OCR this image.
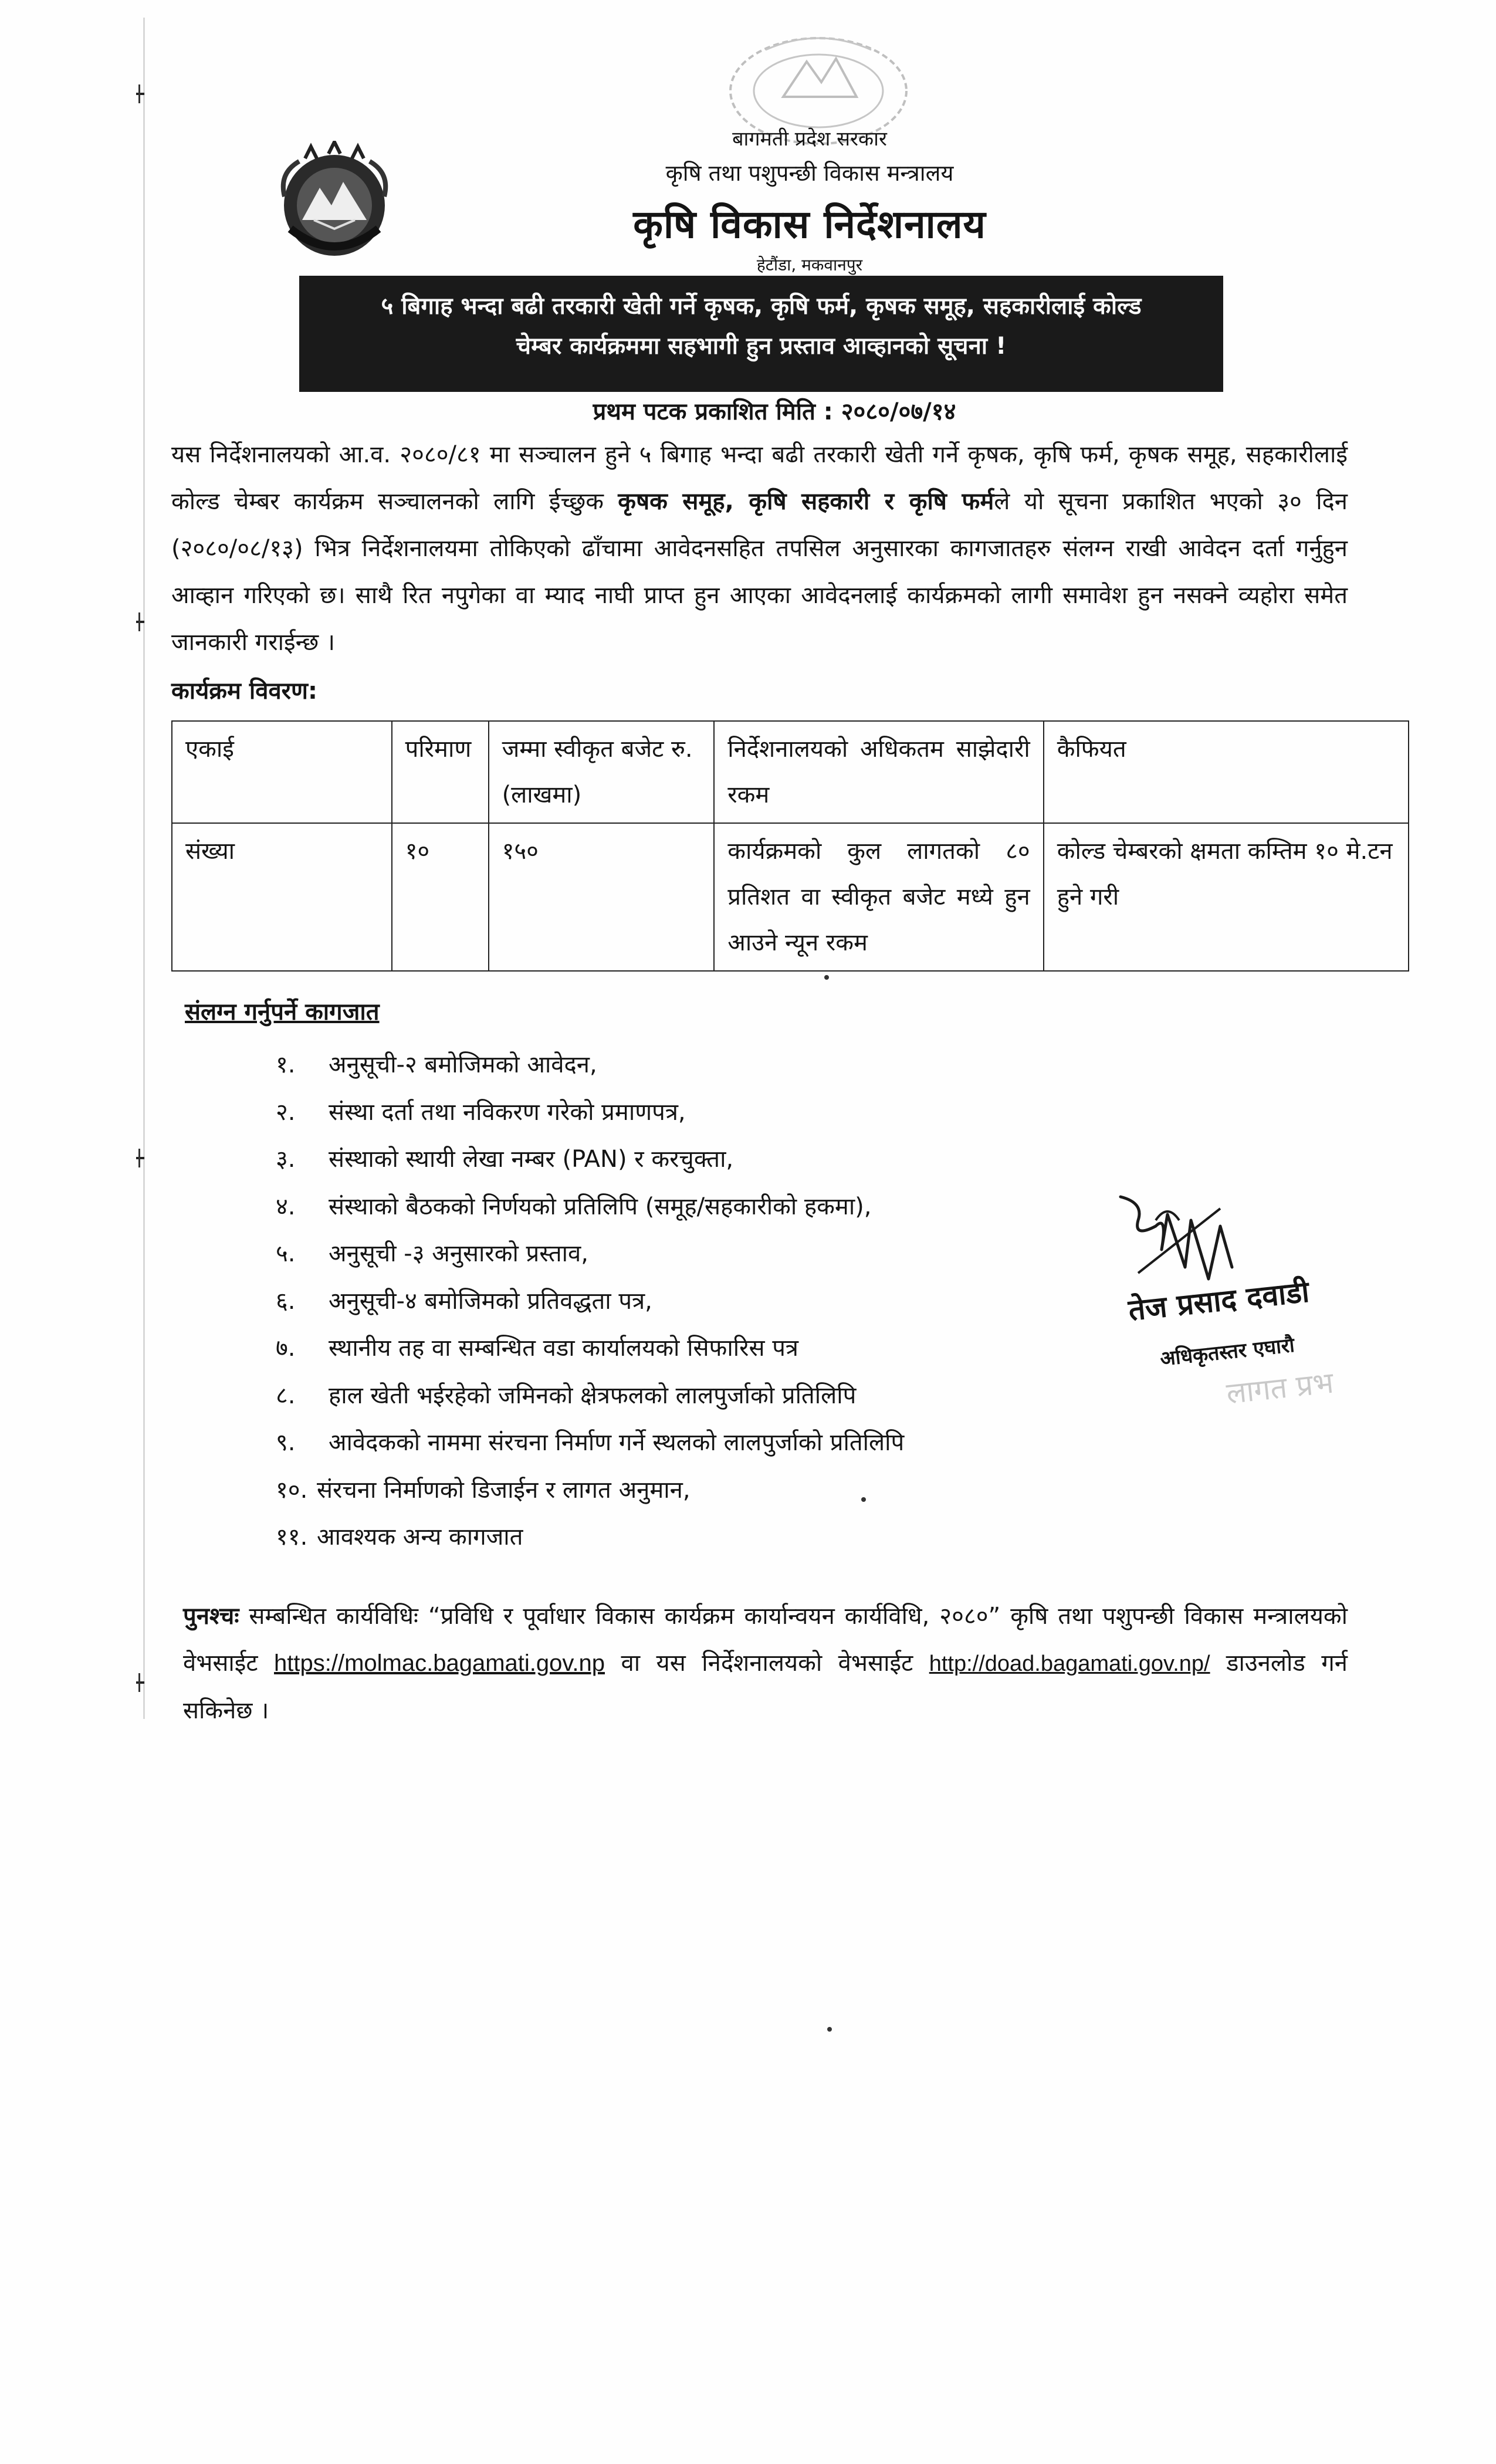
बागमती प्रदेश सरकार
कृषि तथा पशुपन्छी विकास मन्त्रालय
कृषि विकास निर्देशनालय
हेटौंडा, मकवानपुर
५ बिगाह भन्दा बढी तरकारी खेती गर्ने कृषक, कृषि फर्म, कृषक समूह, सहकारीलाई कोल्ड
चेम्बर कार्यक्रममा सहभागी हुन प्रस्ताव आव्हानको सूचना !
प्रथम पटक प्रकाशित मिति : २०८०/०७/१४
यस निर्देशनालयको आ.व. २०८०/८१ मा सञ्चालन हुने ५ बिगाह भन्दा बढी तरकारी खेती गर्ने कृषक, कृषि फर्म, कृषक समूह, सहकारीलाई कोल्ड चेम्बर कार्यक्रम सञ्चालनको लागि ईच्छुक कृषक समूह, कृषि सहकारी र कृषि फर्मले यो सूचना प्रकाशित भएको ३० दिन (२०८०/०८/१३) भित्र निर्देशनालयमा तोकिएको ढाँचामा आवेदनसहित तपसिल अनुसारका कागजातहरु संलग्न राखी आवेदन दर्ता गर्नुहुन आव्हान गरिएको छ। साथै रित नपुगेका वा म्याद नाघी प्राप्त हुन आएका आवेदनलाई कार्यक्रमको लागी समावेश हुन नसक्ने व्यहोरा समेत जानकारी गराईन्छ ।
कार्यक्रम विवरण:
एकाई	परिमाण	जम्मा स्वीकृत बजेट रु. (लाखमा)	निर्देशनालयको अधिकतम साझेदारी रकम	कैफियत
संख्या	१०	१५०	कार्यक्रमको कुल लागतको ८० प्रतिशत वा स्वीकृत बजेट मध्ये हुन आउने न्यून रकम	कोल्ड चेम्बरको क्षमता कम्तिम १० मे.टन हुने गरी
संलग्न गर्नुपर्ने कागजात
१. अनुसूची-२ बमोजिमको आवेदन,
२. संस्था दर्ता तथा नविकरण गरेको प्रमाणपत्र,
३. संस्थाको स्थायी लेखा नम्बर (PAN) र करचुक्ता,
४. संस्थाको बैठकको निर्णयको प्रतिलिपि (समूह/सहकारीको हकमा),
५. अनुसूची -३ अनुसारको प्रस्ताव,
६. अनुसूची-४ बमोजिमको प्रतिवद्धता पत्र,
७. स्थानीय तह वा सम्बन्धित वडा कार्यालयको सिफारिस पत्र
८. हाल खेती भईरहेको जमिनको क्षेत्रफलको लालपुर्जाको प्रतिलिपि
९. आवेदकको नाममा संरचना निर्माण गर्ने स्थलको लालपुर्जाको प्रतिलिपि
१०. संरचना निर्माणको डिजाईन र लागत अनुमान,
११. आवश्यक अन्य कागजात
तेज प्रसाद दवाडी
अधिकृतस्तर एघारौ
लागत प्रभ
पुनश्चः सम्बन्धित कार्यविधिः “प्रविधि र पूर्वाधार विकास कार्यक्रम कार्यान्वयन कार्यविधि, २०८०” कृषि तथा पशुपन्छी विकास मन्त्रालयको वेभसाईट https://molmac.bagamati.gov.np वा यस निर्देशनालयको वेभसाईट http://doad.bagamati.gov.np/ डाउनलोड गर्न सकिनेछ ।
